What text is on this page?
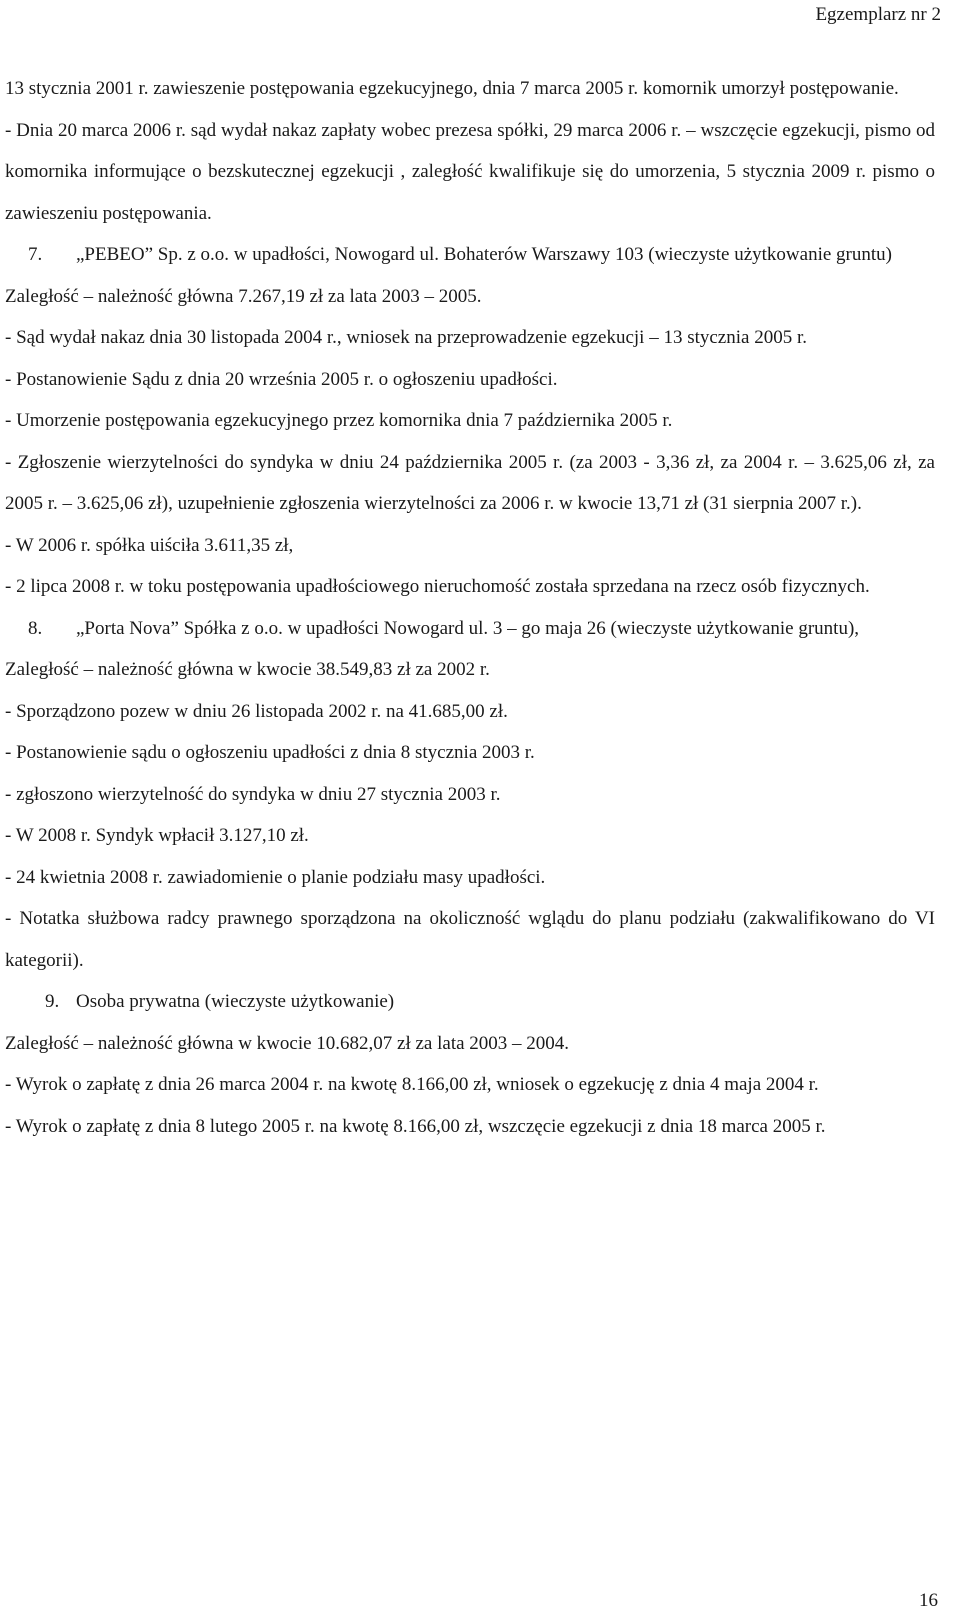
Egzemplarz nr 2

13 stycznia 2001 r. zawieszenie postępowania egzekucyjnego, dnia 7 marca 2005 r. komornik umorzył postępowanie.

- Dnia 20 marca 2006 r. sąd wydał nakaz zapłaty wobec prezesa spółki, 29 marca 2006 r. – wszczęcie egzekucji, pismo od komornika informujące o bezskutecznej egzekucji , zaległość kwalifikuje się do umorzenia, 5 stycznia 2009 r. pismo o zawieszeniu postępowania.

7.	„PEBEO” Sp. z o.o. w upadłości, Nowogard ul. Bohaterów Warszawy 103 (wieczyste użytkowanie gruntu)

Zaległość – należność główna 7.267,19 zł za lata 2003 – 2005.

- Sąd wydał nakaz dnia 30 listopada 2004 r., wniosek na przeprowadzenie egzekucji – 13 stycznia 2005 r.

- Postanowienie Sądu z dnia 20 września 2005 r. o ogłoszeniu upadłości.

- Umorzenie postępowania egzekucyjnego przez komornika dnia 7 października 2005 r.

- Zgłoszenie wierzytelności do syndyka w dniu 24 października 2005 r. (za 2003 - 3,36 zł, za 2004 r. – 3.625,06 zł, za 2005 r. – 3.625,06 zł), uzupełnienie zgłoszenia wierzytelności za 2006 r. w kwocie 13,71 zł (31 sierpnia 2007 r.).

- W 2006 r. spółka uiściła 3.611,35 zł,

- 2 lipca 2008 r. w toku postępowania upadłościowego nieruchomość została sprzedana na rzecz osób fizycznych.

8.	„Porta Nova” Spółka z o.o. w upadłości Nowogard ul. 3 – go maja 26 (wieczyste użytkowanie gruntu),

Zaległość – należność główna w kwocie 38.549,83 zł za 2002 r.

- Sporządzono pozew w dniu 26 listopada 2002 r. na 41.685,00 zł.

- Postanowienie sądu o ogłoszeniu upadłości z dnia 8 stycznia 2003 r.

- zgłoszono wierzytelność do syndyka w dniu 27 stycznia 2003 r.

- W 2008 r. Syndyk wpłacił 3.127,10 zł.

- 24 kwietnia 2008 r. zawiadomienie o planie podziału masy upadłości.

- Notatka służbowa radcy prawnego sporządzona na okoliczność wglądu do planu podziału (zakwalifikowano do VI kategorii).

9. Osoba prywatna (wieczyste użytkowanie)

Zaległość – należność główna w kwocie 10.682,07 zł za lata 2003 – 2004.

- Wyrok o zapłatę z dnia 26 marca 2004 r. na kwotę 8.166,00 zł, wniosek o egzekucję z dnia 4 maja 2004 r.

- Wyrok o zapłatę z dnia 8 lutego 2005 r. na kwotę 8.166,00 zł, wszczęcie egzekucji z dnia 18 marca 2005 r.

16
